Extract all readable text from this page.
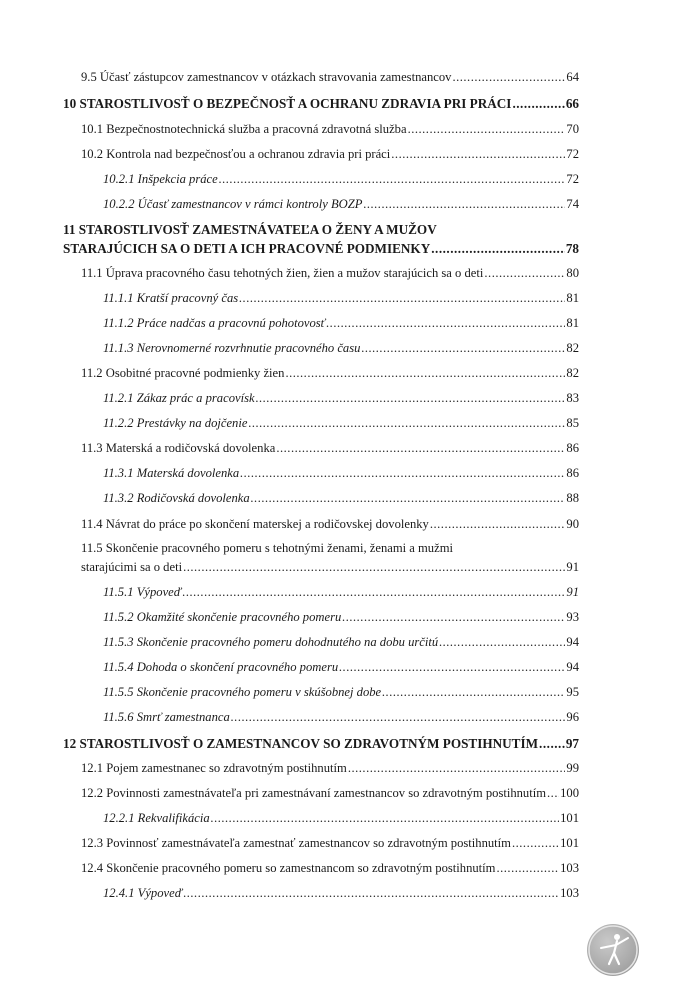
9.5 Účasť zástupcov zamestnancov v otázkach stravovania zamestnancov .....	64
10 STAROSTLIVOSŤ O BEZPEČNOSŤ A OCHRANU ZDRAVIA PRI PRÁCI .....	66
10.1 Bezpečnostnotechnická služba a pracovná zdravotná služba .....	70
10.2 Kontrola nad bezpečnosťou a ochranou zdravia pri práci .....	72
10.2.1 Inšpekcia práce .....	72
10.2.2 Účasť zamestnancov v rámci kontroly BOZP .....	74
11 STAROSTLIVOSŤ ZAMESTNÁVATEĽA O ŽENY A MUŽOV
STARAJÚCICH SA O DETI A ICH PRACOVNÉ PODMIENKY .....	78
11.1 Úprava pracovného času tehotných žien, žien a mužov starajúcich sa o deti .....	80
11.1.1 Kratší pracovný čas .....	81
11.1.2 Práce nadčas a pracovnú pohotovosť .....	81
11.1.3 Nerovnomerné rozvrhnutie pracovného času .....	82
11.2 Osobitné pracovné podmienky žien .....	82
11.2.1 Zákaz prác a pracovísk .....	83
11.2.2 Prestávky na dojčenie .....	85
11.3 Materská a rodičovská dovolenka .....	86
11.3.1 Materská dovolenka .....	86
11.3.2 Rodičovská dovolenka .....	88
11.4 Návrat do práce po skončení materskej a rodičovskej dovolenky .....	90
11.5 Skončenie pracovného pomeru s tehotnými ženami, ženami a mužmi
starajúcimi sa o deti .....	91
11.5.1 Výpoveď .....	91
11.5.2 Okamžité skončenie pracovného pomeru .....	93
11.5.3 Skončenie pracovného pomeru dohodnutého na dobu určitú .....	94
11.5.4 Dohoda o skončení pracovného pomeru .....	94
11.5.5 Skončenie pracovného pomeru v skúšobnej dobe .....	95
11.5.6 Smrť zamestnanca .....	96
12 STAROSTLIVOSŤ O ZAMESTNANCOV SO ZDRAVOTNÝM POSTIHNUTÍM ..... 97
12.1 Pojem zamestnanec so zdravotným postihnutím .....	99
12.2 Povinnosti zamestnávateľa pri zamestnávaní zamestnancov so zdravotným postihnutím ..... 100
12.2.1 Rekvalifikácia .....	101
12.3 Povinnosť zamestnávateľa zamestnať zamestnancov so zdravotným postihnutím .....	101
12.4 Skončenie pracovného pomeru so zamestnancom so zdravotným postihnutím .....	103
12.4.1 Výpoveď .....	103
